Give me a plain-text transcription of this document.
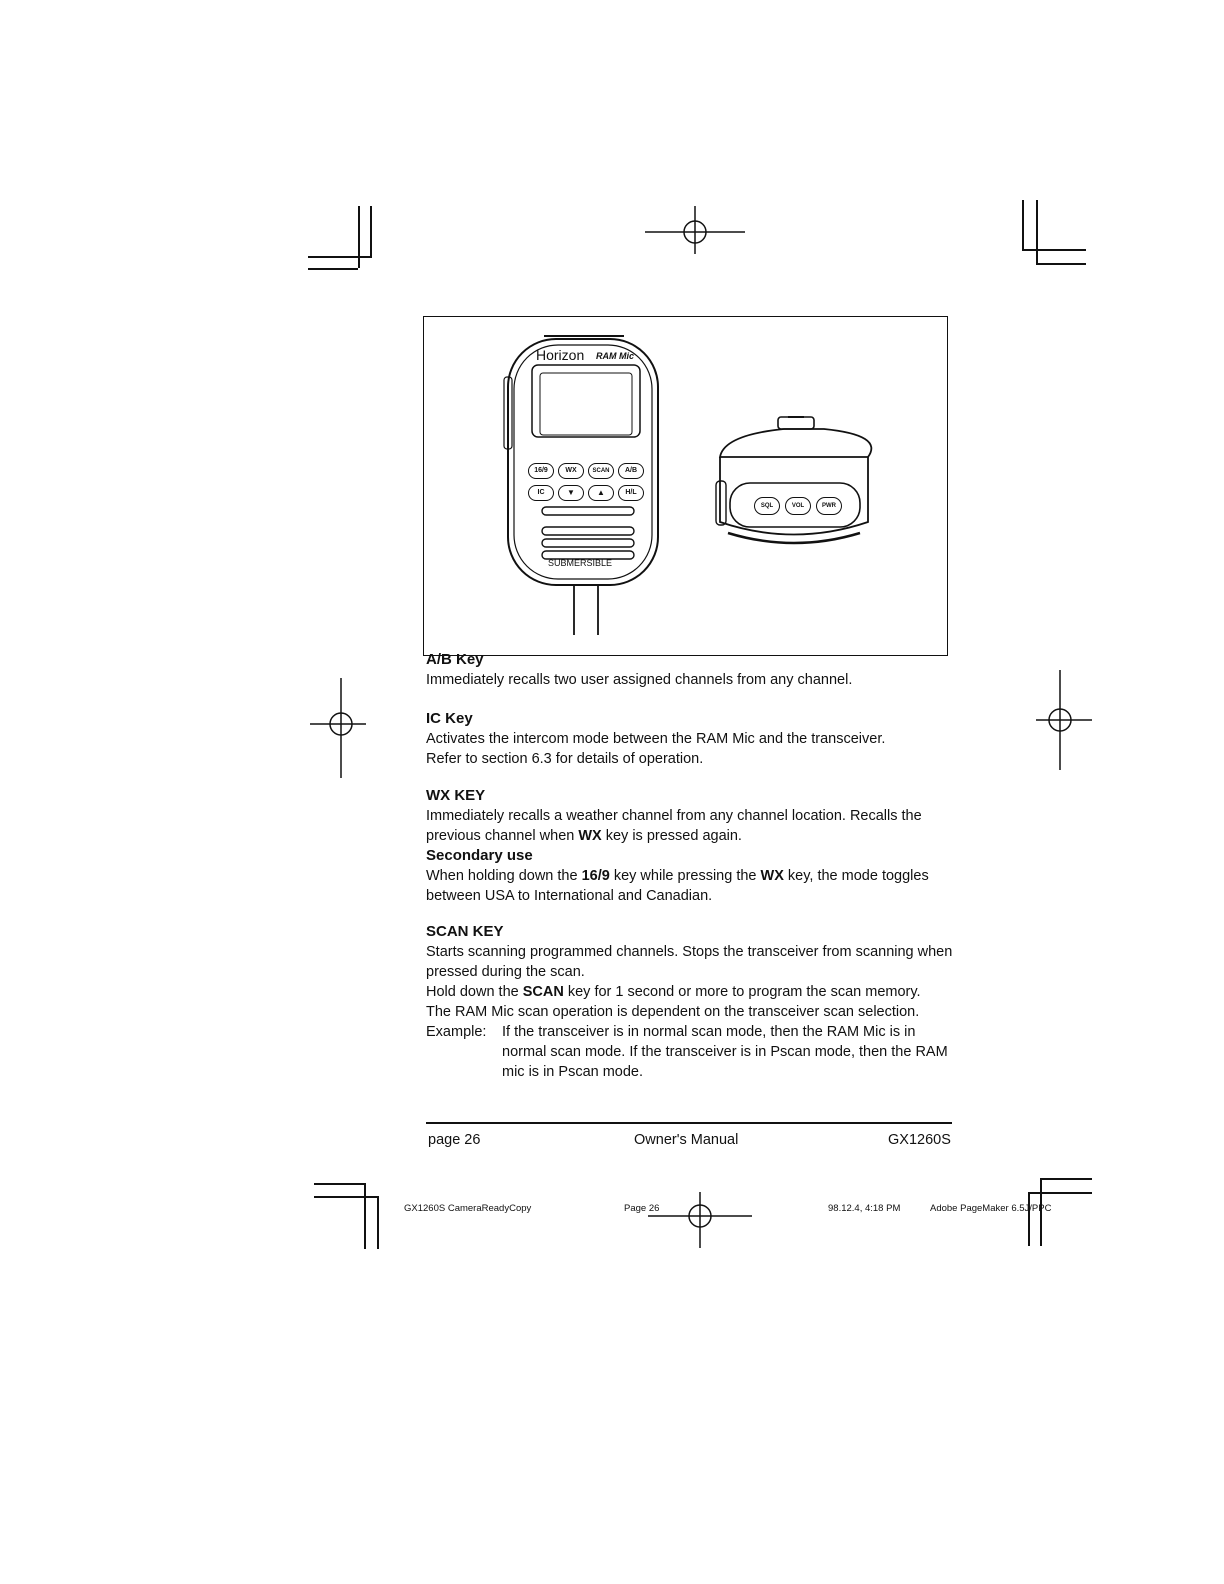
Horizon RAM Mic
16/9	WX	SCAN	A/B
IC	▼	▲	H/L
SUBMERSIBLE
SQL	VOL	PWR

A/B Key

Immediately recalls two user assigned channels from any channel.

IC Key

Activates the intercom mode between the RAM Mic and the transceiver.

Refer to section 6.3 for details of operation.

WX KEY

Immediately recalls a weather channel from any channel location. Recalls the previous channel when WX key is pressed again.

Secondary use

When holding down the 16/9 key while pressing the WX key, the mode toggles between USA to International and Canadian.

SCAN KEY

Starts scanning programmed channels. Stops the transceiver from scanning when pressed during the scan.

Hold down the SCAN key for 1 second or more to program the scan memory.

The RAM Mic scan operation is dependent on the transceiver scan selection.

Example:	If the transceiver is in normal scan mode, then the RAM Mic is in normal scan mode. If the transceiver is in Pscan mode, then the RAM mic is in Pscan mode.
page 26	Owner's Manual	GX1260S
GX1260S CameraReadyCopy	Page 26	98.12.4, 4:18 PM	Adobe PageMaker 6.5J/PPC
